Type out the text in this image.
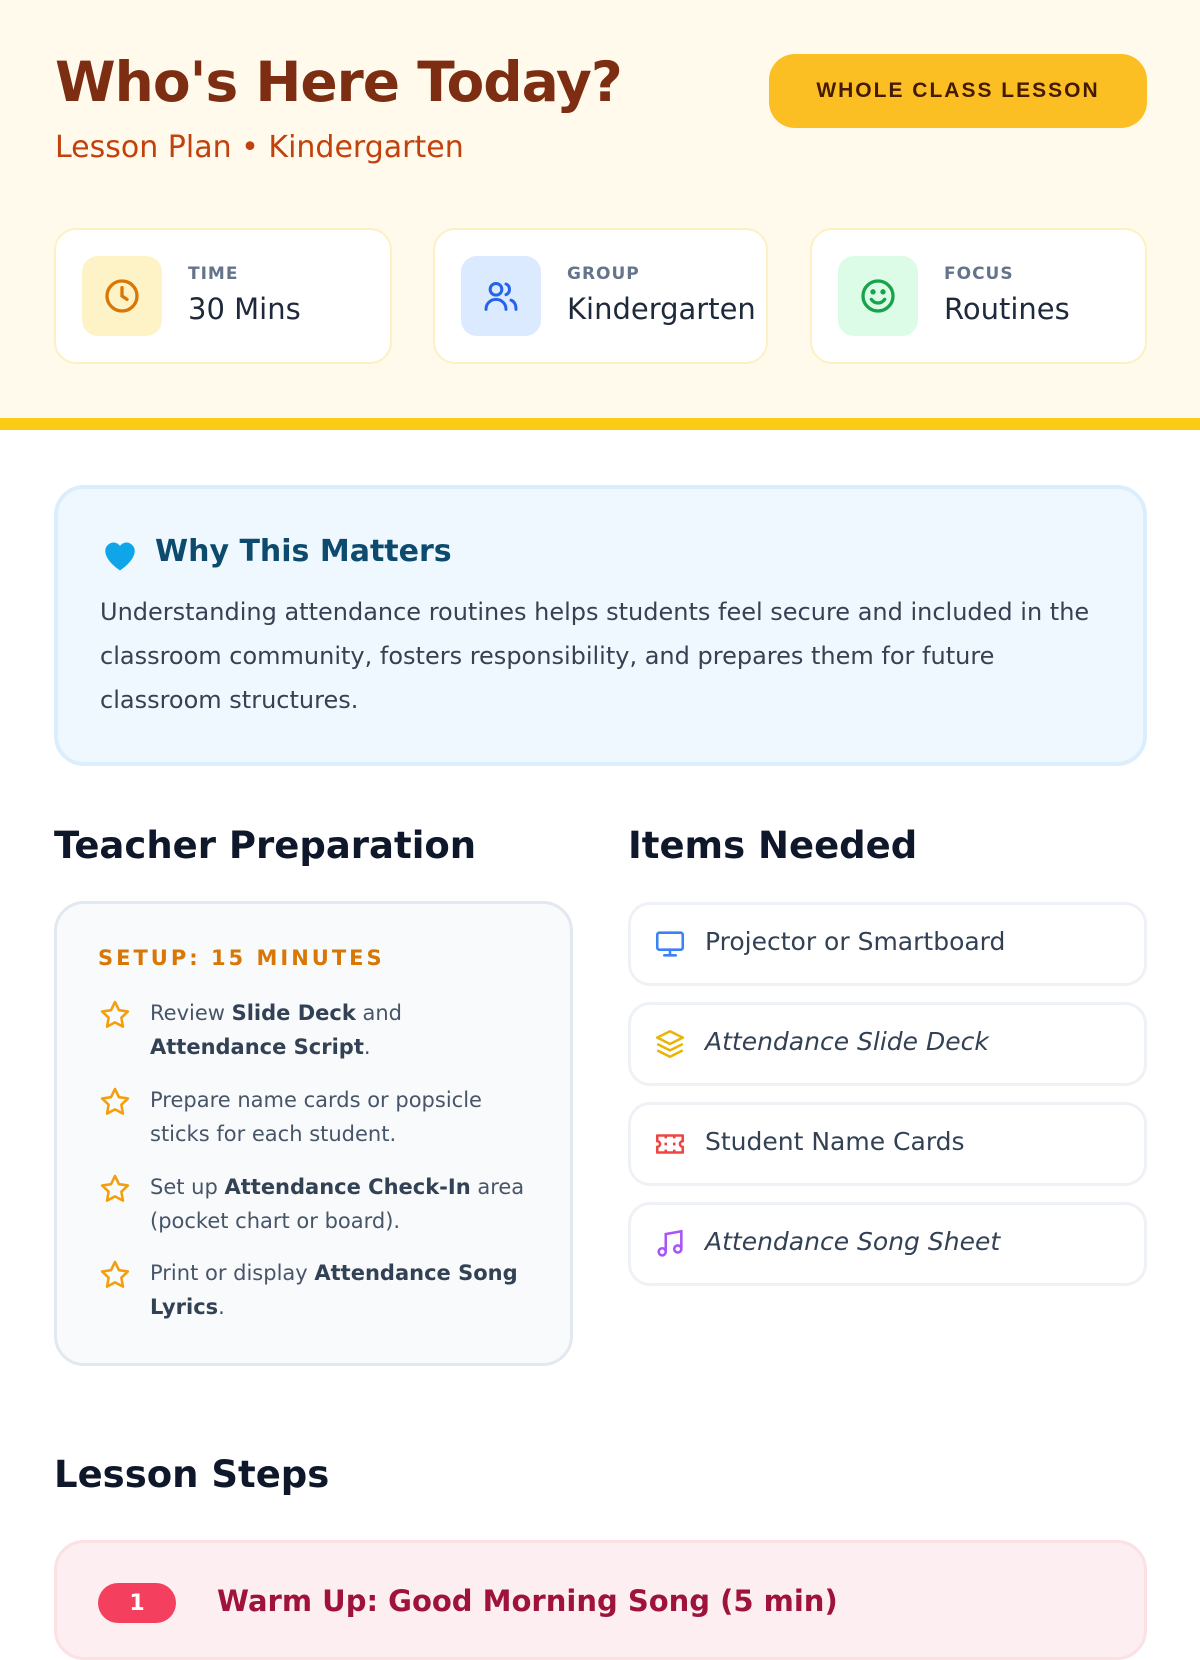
Who's Here Today?
Lesson Plan • Kindergarten
WHOLE CLASS LESSON
TIME
30 Mins
GROUP
Kindergarten
FOCUS
Routines
Why This Matters

Understanding attendance routines helps students feel secure and included in the classroom community, fosters responsibility, and prepares them for future classroom structures.

Teacher Preparation
SETUP: 15 MINUTES
Review Slide Deck and Attendance Script.
Prepare name cards or popsicle sticks for each student.
Set up Attendance Check-In area (pocket chart or board).
Print or display Attendance Song Lyrics.
Items Needed
Projector or Smartboard
Attendance Slide Deck
Student Name Cards
Attendance Song Sheet
Lesson Steps
1	Warm Up: Good Morning Song (5 min)
